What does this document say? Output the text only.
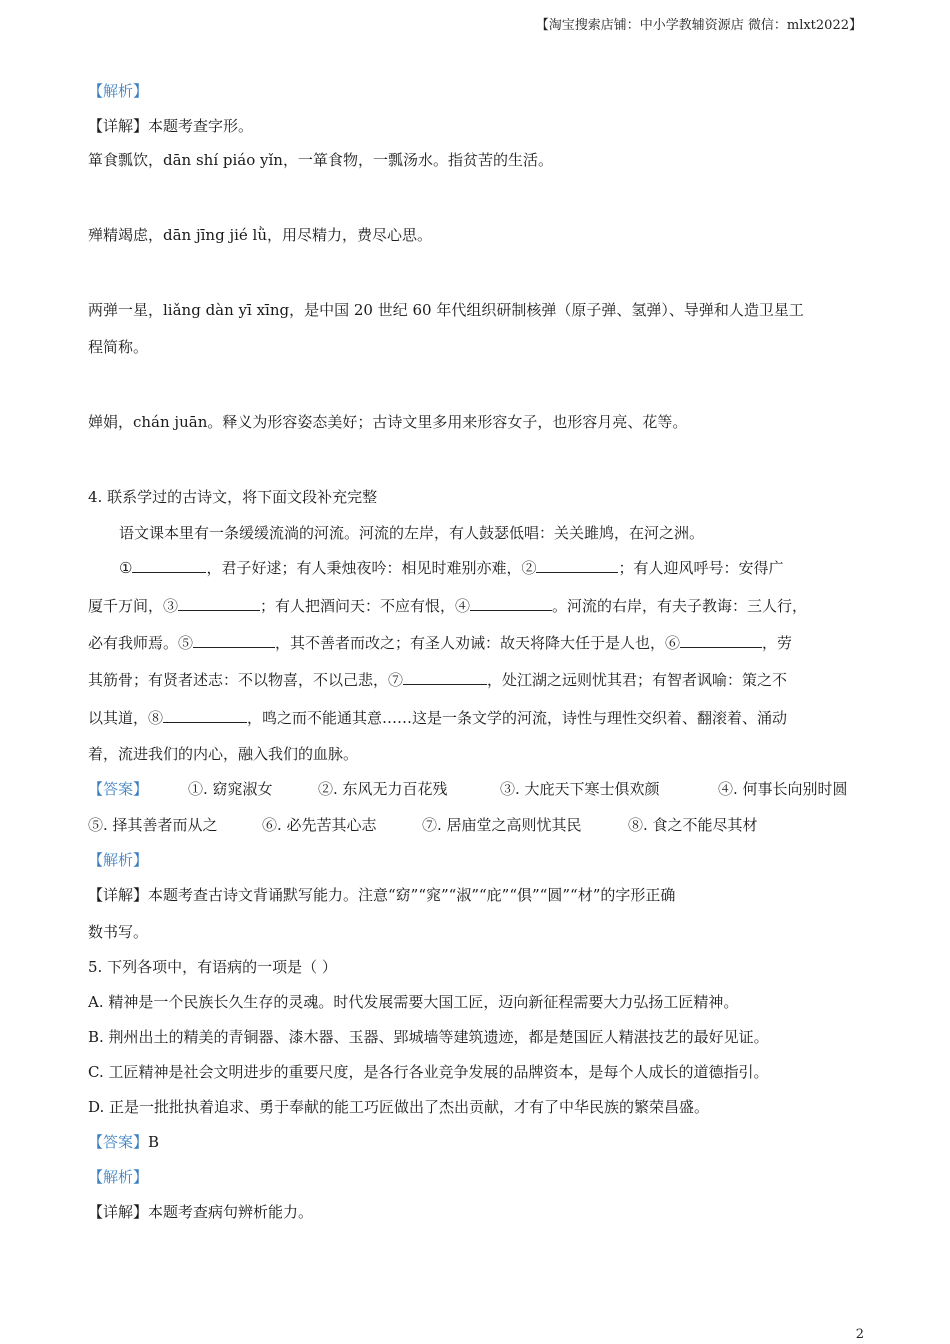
【淘宝搜索店铺：中小学教辅资源店 微信：mlxt2022】
【解析】
【详解】本题考查字形。
箪食瓢饮，dān shí piáo yǐn，一箪食物，一瓢汤水。指贫苦的生活。
殚精竭虑，dān jīng jié lǜ，用尽精力，费尽心思。
两弹一星，liǎng dàn yī xīng，是中国 20 世纪 60 年代组织研制核弹（原子弹、氢弹）、导弹和人造卫星工
程简称。
婵娟，chán juān。释义为形容姿态美好；古诗文里多用来形容女子，也形容月亮、花等。
4. 联系学过的古诗文，将下面文段补充完整
语文课本里有一条缓缓流淌的河流。河流的左岸，有人鼓瑟低唱：关关雎鸠，在河之洲。
①	，君子好逑；有人秉烛夜吟：相见时难别亦难，②	；有人迎风呼号：安得广
厦千万间，③	；有人把酒问天：不应有恨，④	。河流的右岸，有夫子教诲：三人行，
必有我师焉。⑤	，其不善者而改之；有圣人劝诫：故天将降大任于是人也，⑥	，劳
其筋骨；有贤者述志：不以物喜，不以己悲，⑦	，处江湖之远则忧其君；有智者讽喻：策之不
以其道，⑧	，鸣之而不能通其意……这是一条文学的河流，诗性与理性交织着、翻滚着、涌动
着，流进我们的内心，融入我们的血脉。
【答案】	①. 窈窕淑女	②. 东风无力百花残	③. 大庇天下寒士俱欢颜	④. 何事长向别时圆
⑤. 择其善者而从之	⑥. 必先苦其心志	⑦. 居庙堂之高则忧其民	⑧. 食之不能尽其材
【解析】
【详解】本题考查古诗文背诵默写能力。注意“窈”“窕”“淑”“庇”“俱”“圆”“材”的字形正确
数书写。
5. 下列各项中，有语病的一项是（ ）
A. 精神是一个民族长久生存的灵魂。时代发展需要大国工匠，迈向新征程需要大力弘扬工匠精神。
B. 荆州出土的精美的青铜器、漆木器、玉器、郢城墙等建筑遗迹，都是楚国匠人精湛技艺的最好见证。
C. 工匠精神是社会文明进步的重要尺度，是各行各业竞争发展的品牌资本，是每个人成长的道德指引。
D. 正是一批批执着追求、勇于奉献的能工巧匠做出了杰出贡献，才有了中华民族的繁荣昌盛。
【答案】B
【解析】
【详解】本题考查病句辨析能力。
2
